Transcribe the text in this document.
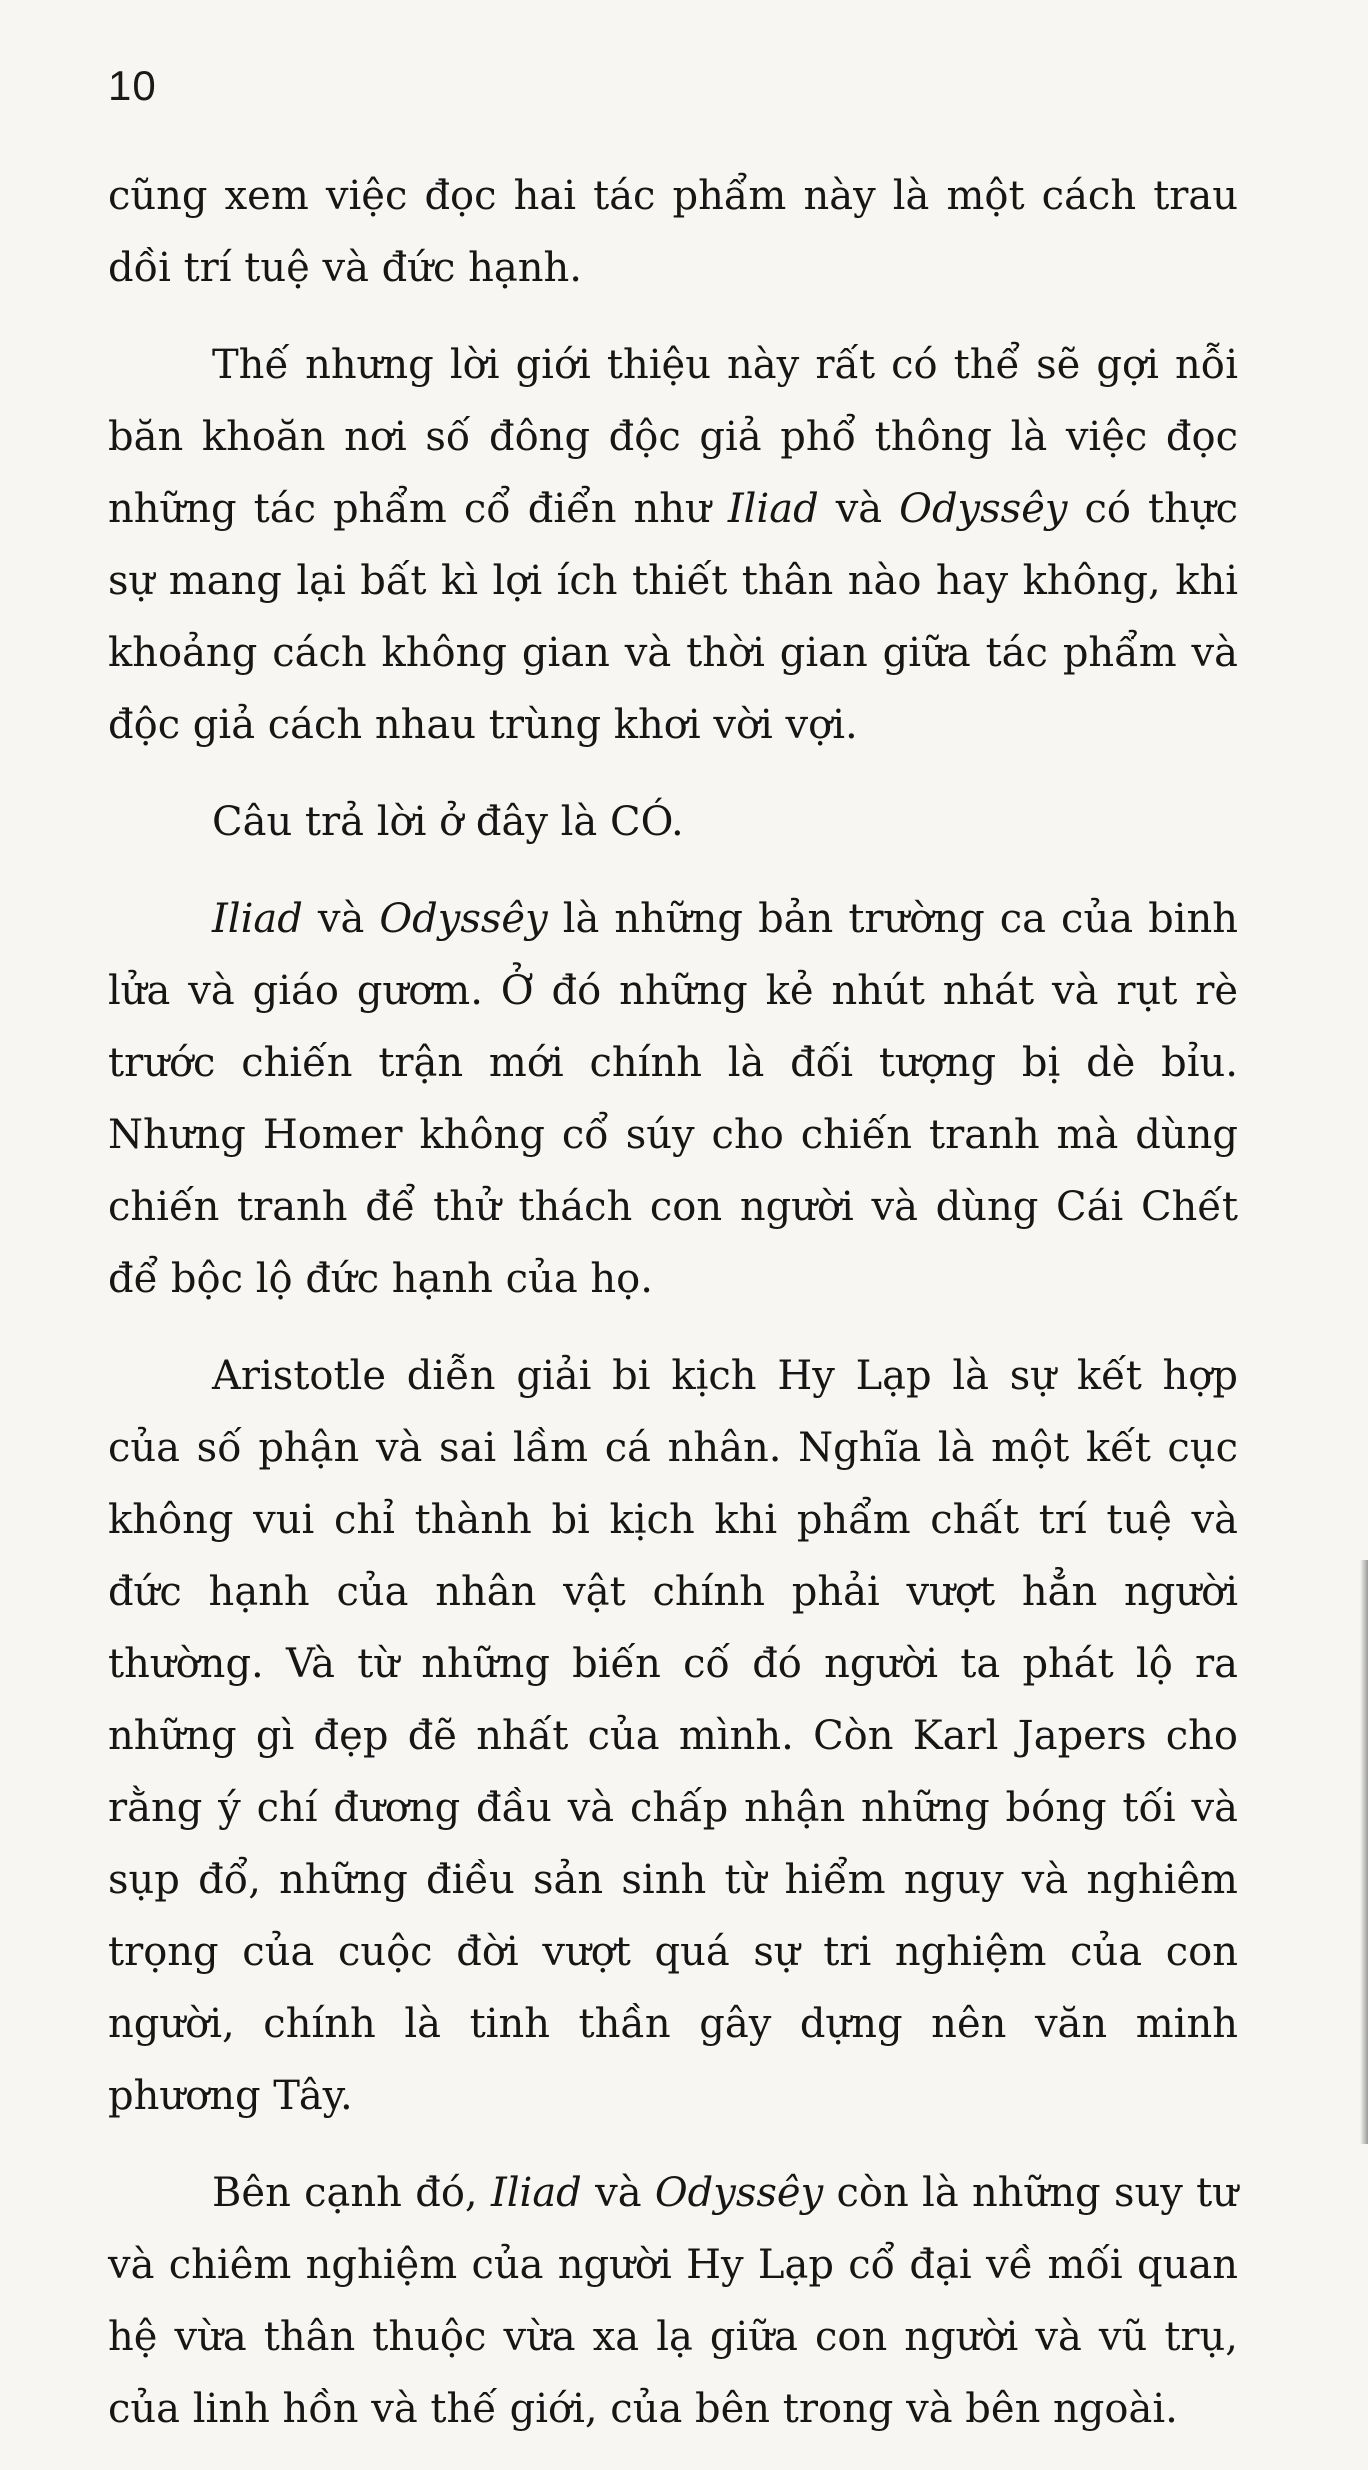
10

cũng xem việc đọc hai tác phẩm này là một cách trau dồi trí tuệ và đức hạnh.

Thế nhưng lời giới thiệu này rất có thể sẽ gợi nỗi băn khoăn nơi số đông độc giả phổ thông là việc đọc những tác phẩm cổ điển như Iliad và Odyssêy có thực sự mang lại bất kì lợi ích thiết thân nào hay không, khi khoảng cách không gian và thời gian giữa tác phẩm và độc giả cách nhau trùng khơi vời vợi.

Câu trả lời ở đây là CÓ.

Iliad và Odyssêy là những bản trường ca của binh lửa và giáo gươm. Ở đó những kẻ nhút nhát và rụt rè trước chiến trận mới chính là đối tượng bị dè bỉu. Nhưng Homer không cổ súy cho chiến tranh mà dùng chiến tranh để thử thách con người và dùng Cái Chết để bộc lộ đức hạnh của họ.

Aristotle diễn giải bi kịch Hy Lạp là sự kết hợp của số phận và sai lầm cá nhân. Nghĩa là một kết cục không vui chỉ thành bi kịch khi phẩm chất trí tuệ và đức hạnh của nhân vật chính phải vượt hẳn người thường. Và từ những biến cố đó người ta phát lộ ra những gì đẹp đẽ nhất của mình. Còn Karl Japers cho rằng ý chí đương đầu và chấp nhận những bóng tối và sụp đổ, những điều sản sinh từ hiểm nguy và nghiêm trọng của cuộc đời vượt quá sự tri nghiệm của con người, chính là tinh thần gây dựng nên văn minh phương Tây.

Bên cạnh đó, Iliad và Odyssêy còn là những suy tư và chiêm nghiệm của người Hy Lạp cổ đại về mối quan hệ vừa thân thuộc vừa xa lạ giữa con người và vũ trụ, của linh hồn và thế giới, của bên trong và bên ngoài.
